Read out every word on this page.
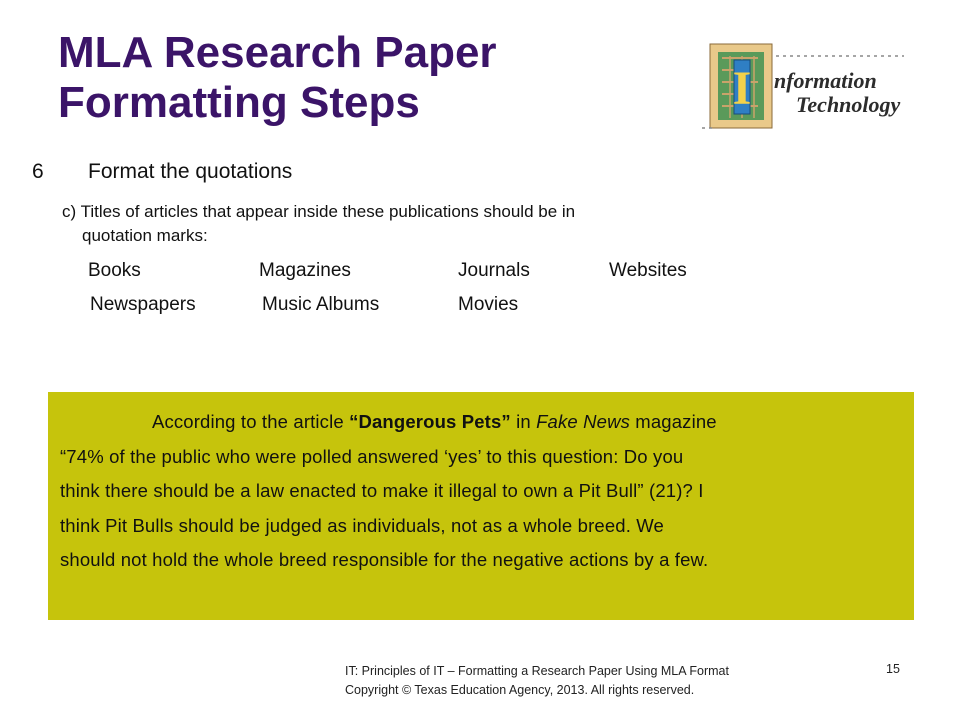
MLA Research Paper
Formatting Steps	I nformation
Technology
6 Format the quotations
c) Titles of articles that appear inside these publications should be in
quotation marks:
Books	Magazines	Journals	Websites
Newspapers	Music Albums	Movies
According to the article “Dangerous Pets” in Fake News magazine
“74% of the public who were polled answered ‘yes’ to this question: Do you
think there should be a law enacted to make it illegal to own a Pit Bull” (21)? I
think Pit Bulls should be judged as individuals, not as a whole breed. We
should not hold the whole breed responsible for the negative actions by a few.
IT: Principles of IT – Formatting a Research Paper Using MLA Format
Copyright © Texas Education Agency, 2013. All rights reserved.
15
